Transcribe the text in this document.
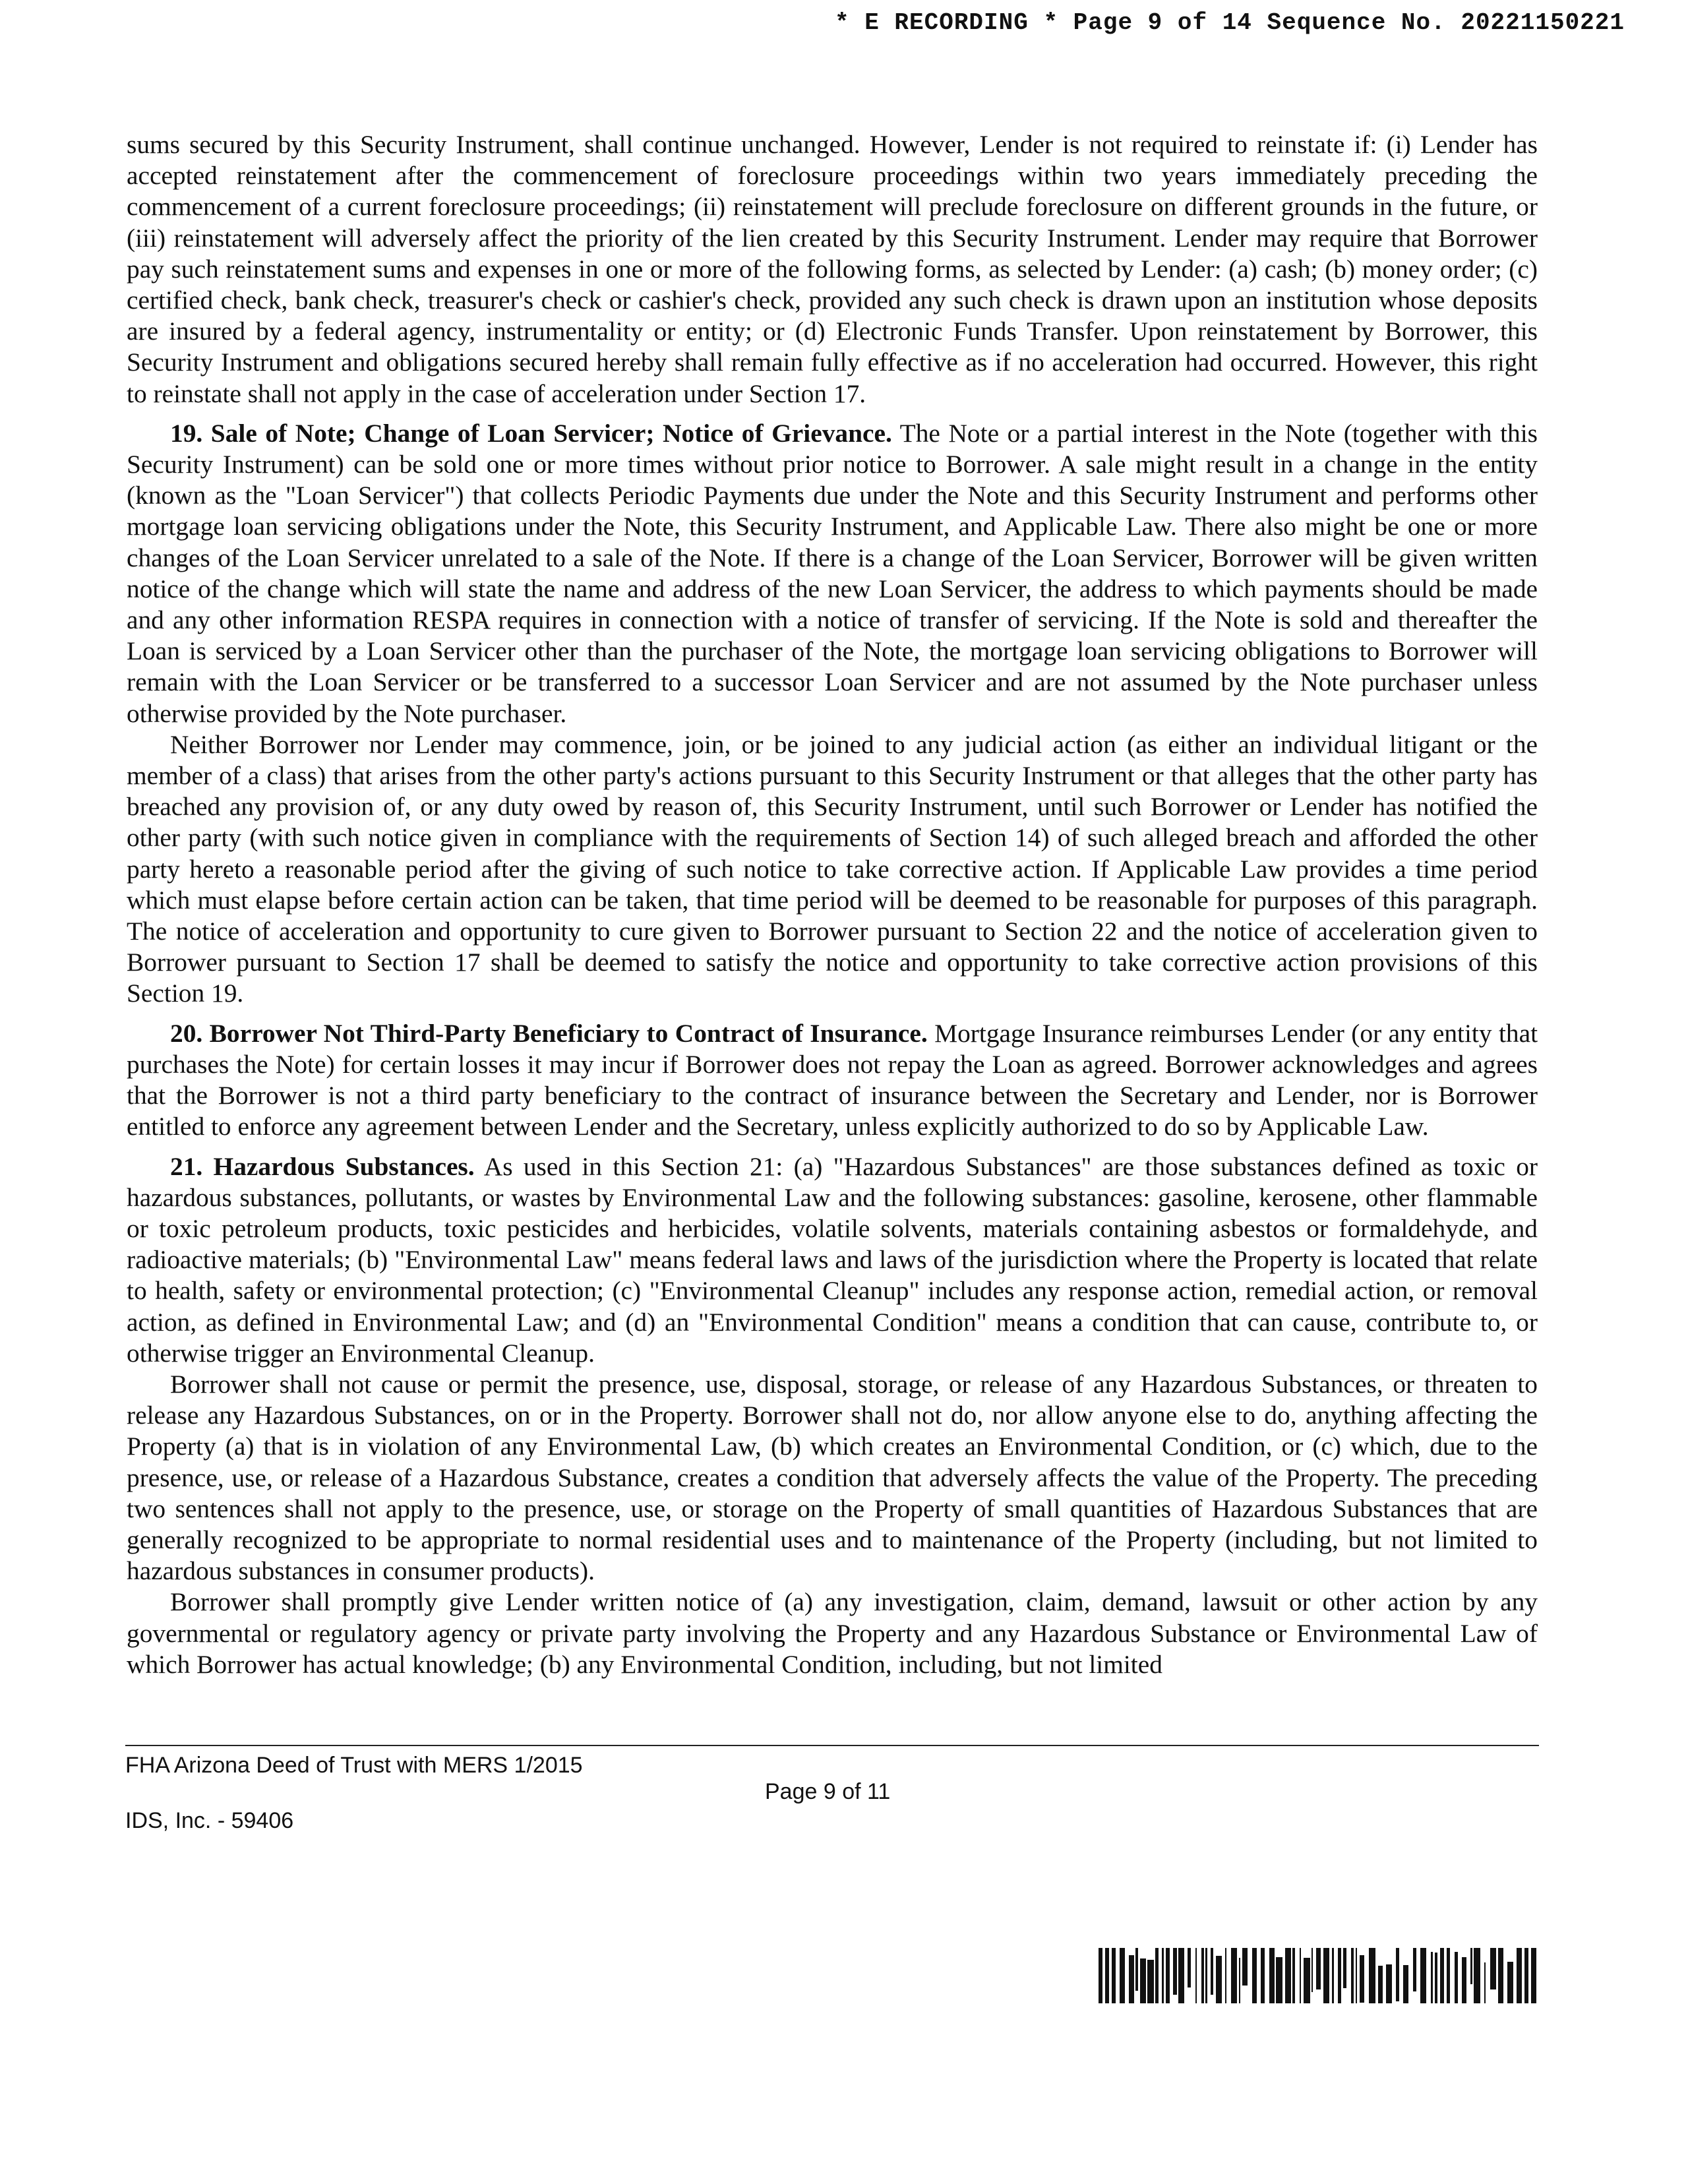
* E RECORDING * Page 9 of 14 Sequence No. 20221150221

sums secured by this Security Instrument, shall continue unchanged. However, Lender is not required to reinstate if: (i) Lender has accepted reinstatement after the commencement of foreclosure proceedings within two years immediately preceding the commencement of a current foreclosure proceedings; (ii) reinstatement will preclude foreclosure on different grounds in the future, or (iii) reinstatement will adversely affect the priority of the lien created by this Security Instrument. Lender may require that Borrower pay such reinstatement sums and expenses in one or more of the following forms, as selected by Lender: (a) cash; (b) money order; (c) certified check, bank check, treasurer's check or cashier's check, provided any such check is drawn upon an institution whose deposits are insured by a federal agency, instrumentality or entity; or (d) Electronic Funds Transfer. Upon reinstatement by Borrower, this Security Instrument and obligations secured hereby shall remain fully effective as if no acceleration had occurred. However, this right to reinstate shall not apply in the case of acceleration under Section 17.

19. Sale of Note; Change of Loan Servicer; Notice of Grievance. The Note or a partial interest in the Note (together with this Security Instrument) can be sold one or more times without prior notice to Borrower. A sale might result in a change in the entity (known as the "Loan Servicer") that collects Periodic Payments due under the Note and this Security Instrument and performs other mortgage loan servicing obligations under the Note, this Security Instrument, and Applicable Law. There also might be one or more changes of the Loan Servicer unrelated to a sale of the Note. If there is a change of the Loan Servicer, Borrower will be given written notice of the change which will state the name and address of the new Loan Servicer, the address to which payments should be made and any other information RESPA requires in connection with a notice of transfer of servicing. If the Note is sold and thereafter the Loan is serviced by a Loan Servicer other than the purchaser of the Note, the mortgage loan servicing obligations to Borrower will remain with the Loan Servicer or be transferred to a successor Loan Servicer and are not assumed by the Note purchaser unless otherwise provided by the Note purchaser.

Neither Borrower nor Lender may commence, join, or be joined to any judicial action (as either an individual litigant or the member of a class) that arises from the other party's actions pursuant to this Security Instrument or that alleges that the other party has breached any provision of, or any duty owed by reason of, this Security Instrument, until such Borrower or Lender has notified the other party (with such notice given in compliance with the requirements of Section 14) of such alleged breach and afforded the other party hereto a reasonable period after the giving of such notice to take corrective action. If Applicable Law provides a time period which must elapse before certain action can be taken, that time period will be deemed to be reasonable for purposes of this paragraph. The notice of acceleration and opportunity to cure given to Borrower pursuant to Section 22 and the notice of acceleration given to Borrower pursuant to Section 17 shall be deemed to satisfy the notice and opportunity to take corrective action provisions of this Section 19.

20. Borrower Not Third-Party Beneficiary to Contract of Insurance. Mortgage Insurance reimburses Lender (or any entity that purchases the Note) for certain losses it may incur if Borrower does not repay the Loan as agreed. Borrower acknowledges and agrees that the Borrower is not a third party beneficiary to the contract of insurance between the Secretary and Lender, nor is Borrower entitled to enforce any agreement between Lender and the Secretary, unless explicitly authorized to do so by Applicable Law.

21. Hazardous Substances. As used in this Section 21: (a) "Hazardous Substances" are those substances defined as toxic or hazardous substances, pollutants, or wastes by Environmental Law and the following substances: gasoline, kerosene, other flammable or toxic petroleum products, toxic pesticides and herbicides, volatile solvents, materials containing asbestos or formaldehyde, and radioactive materials; (b) "Environmental Law" means federal laws and laws of the jurisdiction where the Property is located that relate to health, safety or environmental protection; (c) "Environmental Cleanup" includes any response action, remedial action, or removal action, as defined in Environmental Law; and (d) an "Environmental Condition" means a condition that can cause, contribute to, or otherwise trigger an Environmental Cleanup.

Borrower shall not cause or permit the presence, use, disposal, storage, or release of any Hazardous Substances, or threaten to release any Hazardous Substances, on or in the Property. Borrower shall not do, nor allow anyone else to do, anything affecting the Property (a) that is in violation of any Environmental Law, (b) which creates an Environmental Condition, or (c) which, due to the presence, use, or release of a Hazardous Substance, creates a condition that adversely affects the value of the Property. The preceding two sentences shall not apply to the presence, use, or storage on the Property of small quantities of Hazardous Substances that are generally recognized to be appropriate to normal residential uses and to maintenance of the Property (including, but not limited to hazardous substances in consumer products).

Borrower shall promptly give Lender written notice of (a) any investigation, claim, demand, lawsuit or other action by any governmental or regulatory agency or private party involving the Property and any Hazardous Substance or Environmental Law of which Borrower has actual knowledge; (b) any Environmental Condition, including, but not limited

FHA Arizona Deed of Trust with MERS 1/2015
Page 9 of 11
IDS, Inc. - 59406
